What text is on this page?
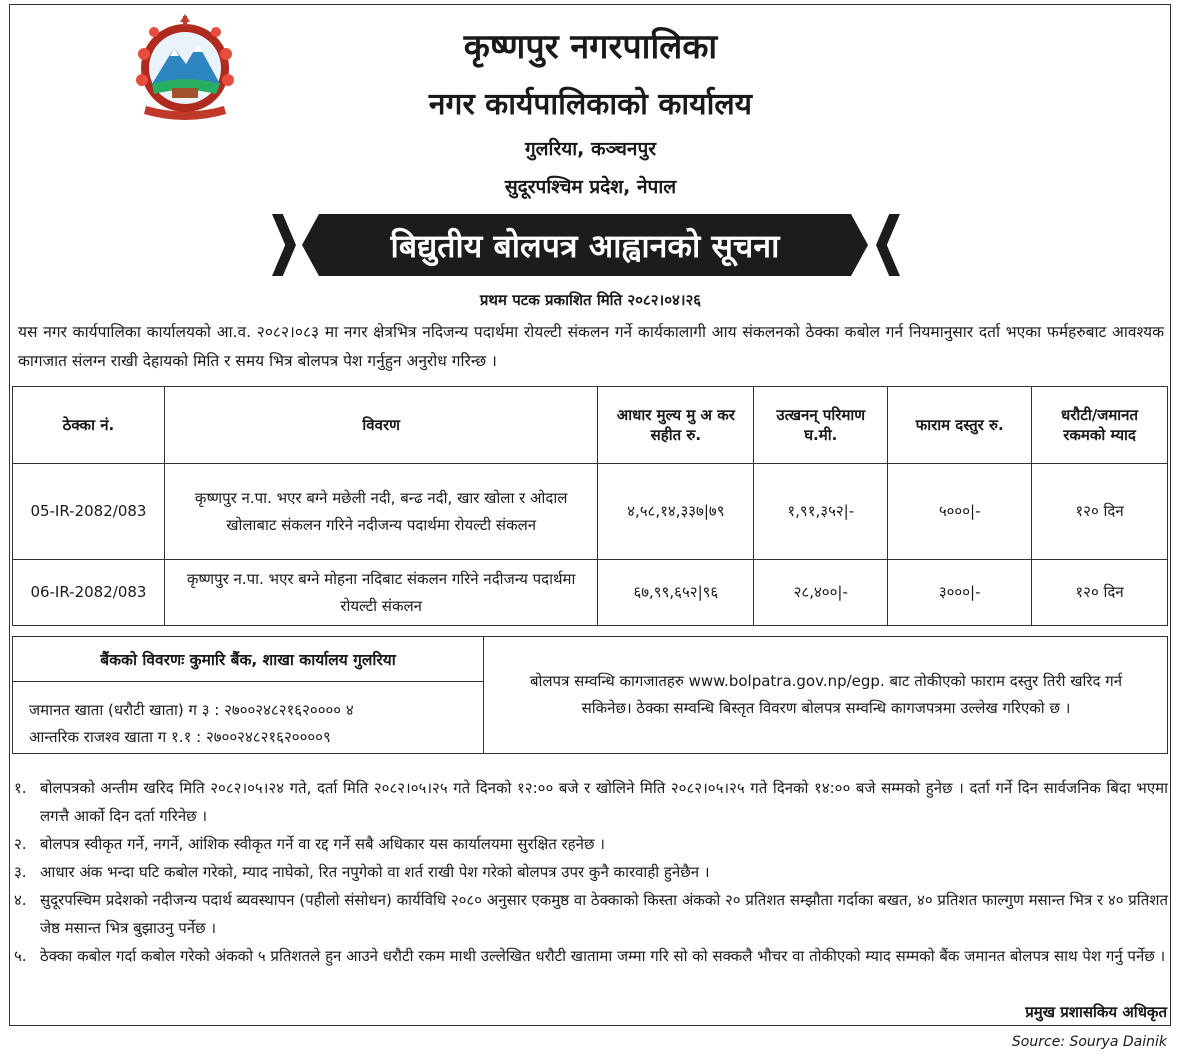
कृष्णपुर नगरपालिका
नगर कार्यपालिकाको कार्यालय
गुलरिया, कञ्चनपुर
सुदूरपश्चिम प्रदेश, नेपाल
बिद्युतीय बोलपत्र आह्वानको सूचना
प्रथम पटक प्रकाशित मिति २०८२।०४।२६
यस नगर कार्यपालिका कार्यालयको आ.व. २०८२।०८३ मा नगर क्षेत्रभित्र नदिजन्य पदार्थमा रोयल्टी संकलन गर्ने कार्यकालागी आय संकलनको ठेक्का कबोल गर्न नियमानुसार दर्ता भएका फर्महरुबाट आवश्यक कागजात संलग्न राखी देहायको मिति र समय भित्र बोलपत्र पेश गर्नुहुन अनुरोध गरिन्छ ।
ठेक्का नं.	विवरण	आधार मुल्य मु अ कर सहीत रु.	उत्खनन् परिमाण घ.मी.	फाराम दस्तुर रु.	धरौटी/जमानत रकमको म्याद
05-IR-2082/083	कृष्णपुर न.पा. भएर बग्ने मछेली नदी, बन्ढ नदी, खार खोला र ओदाल खोलाबाट संकलन गरिने नदीजन्य पदार्थमा रोयल्टी संकलन	४,५८,१४,३३७|७९	१,९१,३५२|-	५०००|-	१२० दिन
06-IR-2082/083	कृष्णपुर न.पा. भएर बग्ने मोहना नदिबाट संकलन गरिने नदीजन्य पदार्थमा रोयल्टी संकलन	६७,९९,६५२|९६	२८,४००|-	३०००|-	१२० दिन
बैंकको विवरणः कुमारि बैंक, शाखा कार्यालय गुलरिया
जमानत खाता (धरौटी खाता) ग ३ : २७००२४८२१६२०००० ४
आन्तरिक राजश्व खाता ग १.१ : २७००२४८२१६२००००९
बोलपत्र सम्वन्धि कागजातहरु www.bolpatra.gov.np/egp. बाट तोकीएको फाराम दस्तुर तिरी खरिद गर्न सकिनेछ। ठेक्का सम्वन्धि बिस्तृत विवरण बोलपत्र सम्वन्धि कागजपत्रमा उल्लेख गरिएको छ ।
१. बोलपत्रको अन्तीम खरिद मिति २०८२।०५।२४ गते, दर्ता मिति २०८२।०५।२५ गते दिनको १२:०० बजे र खोलिने मिति २०८२।०५।२५ गते दिनको १४:०० बजे सम्मको हुनेछ । दर्ता गर्ने दिन सार्वजनिक बिदा भएमा लगत्तै आर्को दिन दर्ता गरिनेछ ।
२. बोलपत्र स्वीकृत गर्ने, नगर्ने, आंशिक स्वीकृत गर्ने वा रद्द गर्ने सबै अधिकार यस कार्यालयमा सुरक्षित रहनेछ ।
३. आधार अंक भन्दा घटि कबोल गरेको, म्याद नाघेको, रित नपुगेको वा शर्त राखी पेश गरेको बोलपत्र उपर कुनै कारवाही हुनेछैन ।
४. सुदूरपस्चिम प्रदेशको नदीजन्य पदार्थ ब्यवस्थापन (पहीलो संसोधन) कार्यविधि २०८० अनुसार एकमुष्ठ वा ठेक्काको किस्ता अंकको २० प्रतिशत सम्झौता गर्दाका बखत, ४० प्रतिशत फाल्गुण मसान्त भित्र र ४० प्रतिशत जेष्ठ मसान्त भित्र बुझाउनु पर्नेछ ।
५. ठेक्का कबोल गर्दा कबोल गरेको अंकको ५ प्रतिशतले हुन आउने धरौटी रकम माथी उल्लेखित धरौटी खातामा जम्मा गरि सो को सक्कलै भौचर वा तोकीएको म्याद सम्मको बैंक जमानत बोलपत्र साथ पेश गर्नु पर्नेछ ।
प्रमुख प्रशासकिय अधिकृत
Source: Sourya Dainik
